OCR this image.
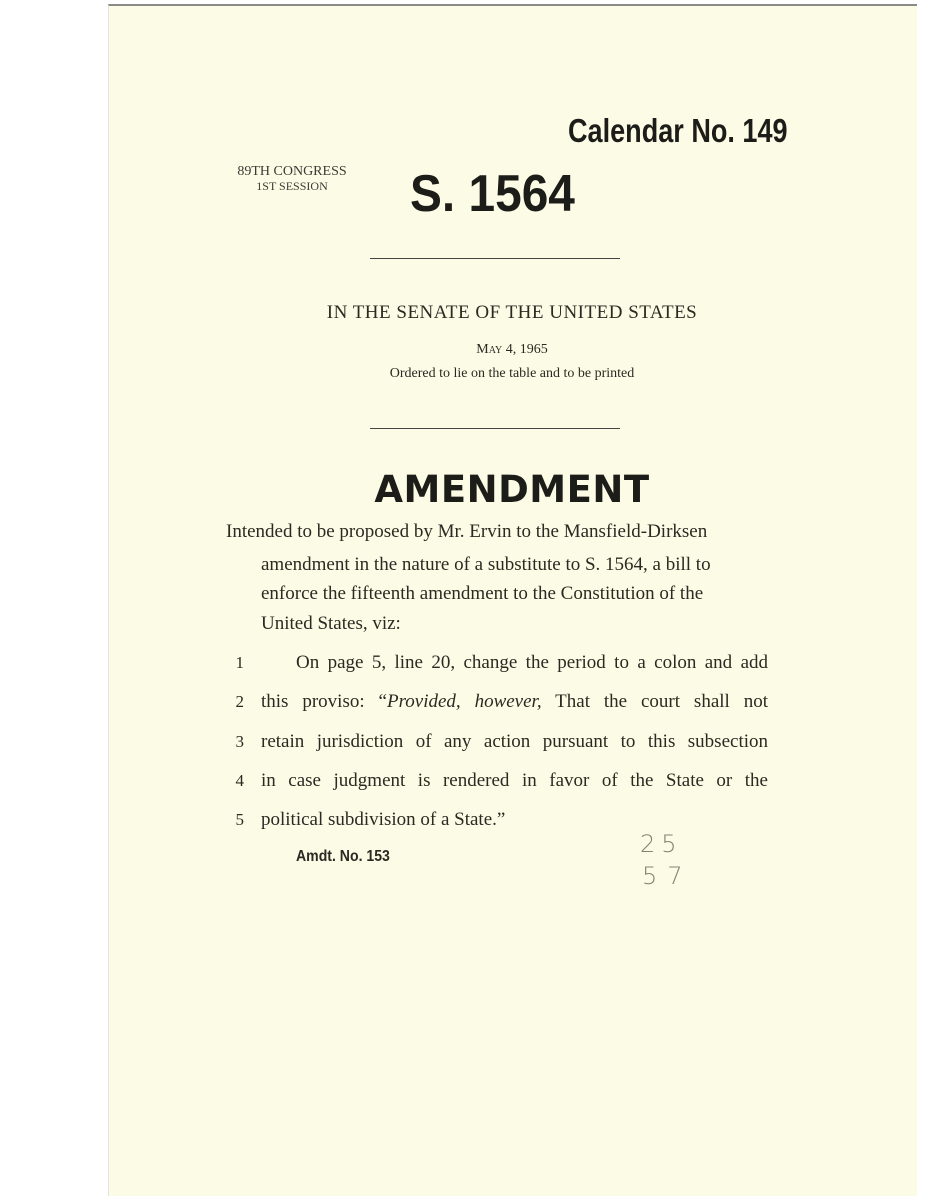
Calendar No. 149
89TH CONGRESS
1ST SESSION	S. 1564
IN THE SENATE OF THE UNITED STATES
May 4, 1965
Ordered to lie on the table and to be printed
AMENDMENT
Intended to be proposed by Mr. Ervin to the Mansfield-Dirksen
amendment in the nature of a substitute to S. 1564, a bill to
enforce the fifteenth amendment to the Constitution of the
United States, viz:
1	On page 5, line 20, change the period to a colon and add
2 this proviso: “Provided, however, That the court shall not
3 retain jurisdiction of any action pursuant to this subsection
4 in case judgment is rendered in favor of the State or the
5 political subdivision of a State.”
Amdt. No. 153	25
57
